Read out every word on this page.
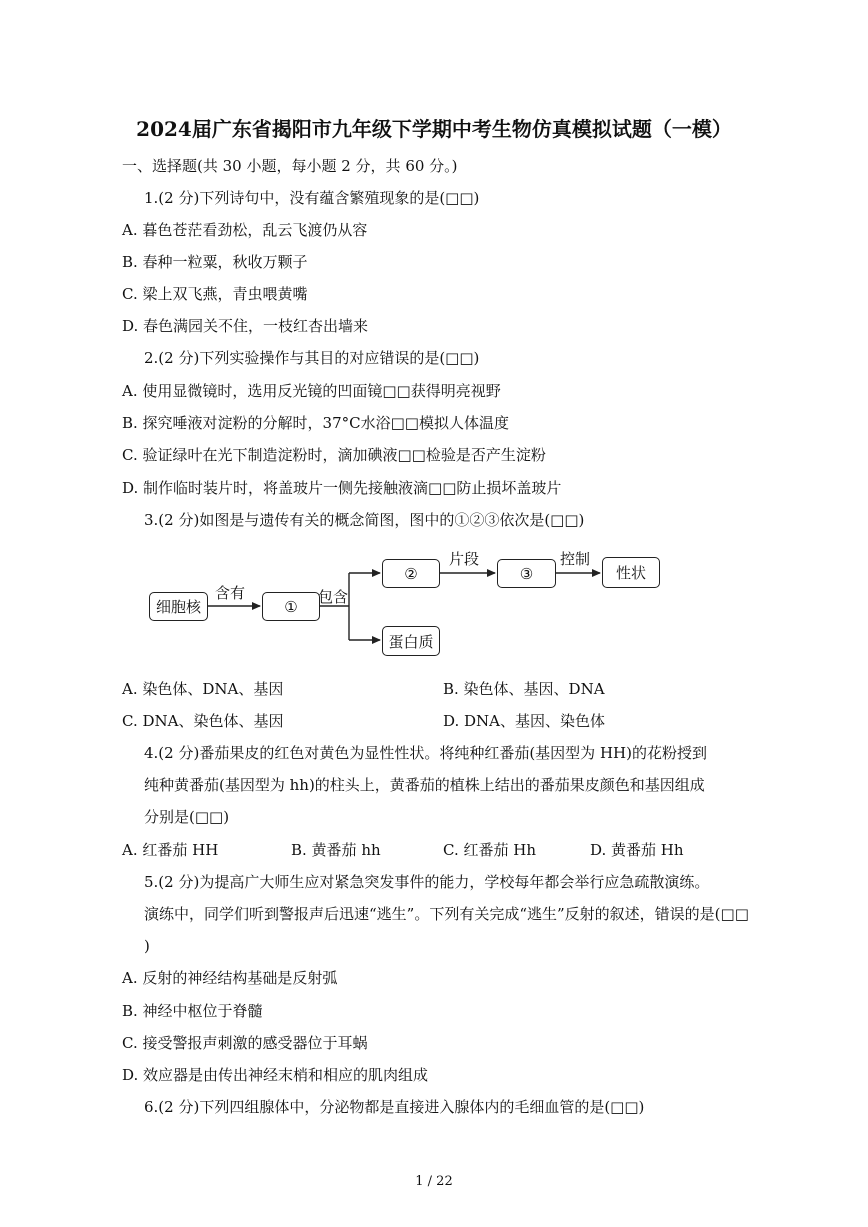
2024届广东省揭阳市九年级下学期中考生物仿真模拟试题（一模）
一、选择题(共 30 小题，每小题 2 分，共 60 分。)
1.(2 分)下列诗句中，没有蕴含繁殖现象的是(□□)
A. 暮色苍茫看劲松，乱云飞渡仍从容
B. 春种一粒粟，秋收万颗子
C. 梁上双飞燕，青虫喂黄嘴
D. 春色满园关不住，一枝红杏出墙来
2.(2 分)下列实验操作与其目的对应错误的是(□□)
A. 使用显微镜时，选用反光镜的凹面镜□□获得明亮视野
B. 探究唾液对淀粉的分解时，37°C水浴□□模拟人体温度
C. 验证绿叶在光下制造淀粉时，滴加碘液□□检验是否产生淀粉
D. 制作临时装片时，将盖玻片一侧先接触液滴□□防止损坏盖玻片
3.(2 分)如图是与遗传有关的概念简图，图中的①②③依次是(□□)
细胞核	①
②	③	性状
蛋白质
含有	包含
片段	控制
A. 染色体、DNA、基因	B. 染色体、基因、DNA
C. DNA、染色体、基因	D. DNA、基因、染色体
4.(2 分)番茄果皮的红色对黄色为显性性状。将纯种红番茄(基因型为 HH)的花粉授到
纯种黄番茄(基因型为 hh)的柱头上，黄番茄的植株上结出的番茄果皮颜色和基因组成
分别是(□□)
A. 红番茄 HH	B. 黄番茄 hh	C. 红番茄 Hh	D. 黄番茄 Hh
5.(2 分)为提高广大师生应对紧急突发事件的能力，学校每年都会举行应急疏散演练。
演练中，同学们听到警报声后迅速“逃生”。下列有关完成“逃生”反射的叙述，错误的是(□□
)
A. 反射的神经结构基础是反射弧
B. 神经中枢位于脊髓
C. 接受警报声刺激的感受器位于耳蜗
D. 效应器是由传出神经末梢和相应的肌肉组成
6.(2 分)下列四组腺体中，分泌物都是直接进入腺体内的毛细血管的是(□□)
1 / 22
